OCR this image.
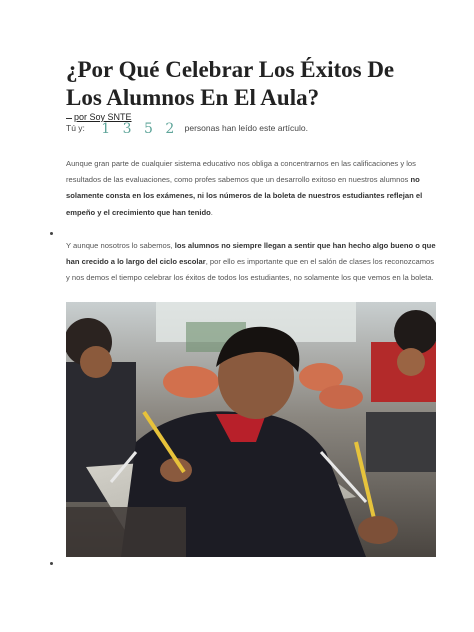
¿Por Qué Celebrar Los Éxitos De Los Alumnos En El Aula?
por Soy SNTE
Tú y: 1 3 5 2 personas han leído este artículo.

Aunque gran parte de cualquier sistema educativo nos obliga a concentrarnos en las calificaciones y los resultados de las evaluaciones, como profes sabemos que un desarrollo exitoso en nuestros alumnos no solamente consta en los exámenes, ni los números de la boleta de nuestros estudiantes reflejan el empeño y el crecimiento que han tenido.

Y aunque nosotros lo sabemos, los alumnos no siempre llegan a sentir que han hecho algo bueno o que han crecido a lo largo del ciclo escolar, por ello es importante que en el salón de clases los reconozcamos y nos demos el tiempo celebrar los éxitos de todos los estudiantes, no solamente los que vemos en la boleta.
